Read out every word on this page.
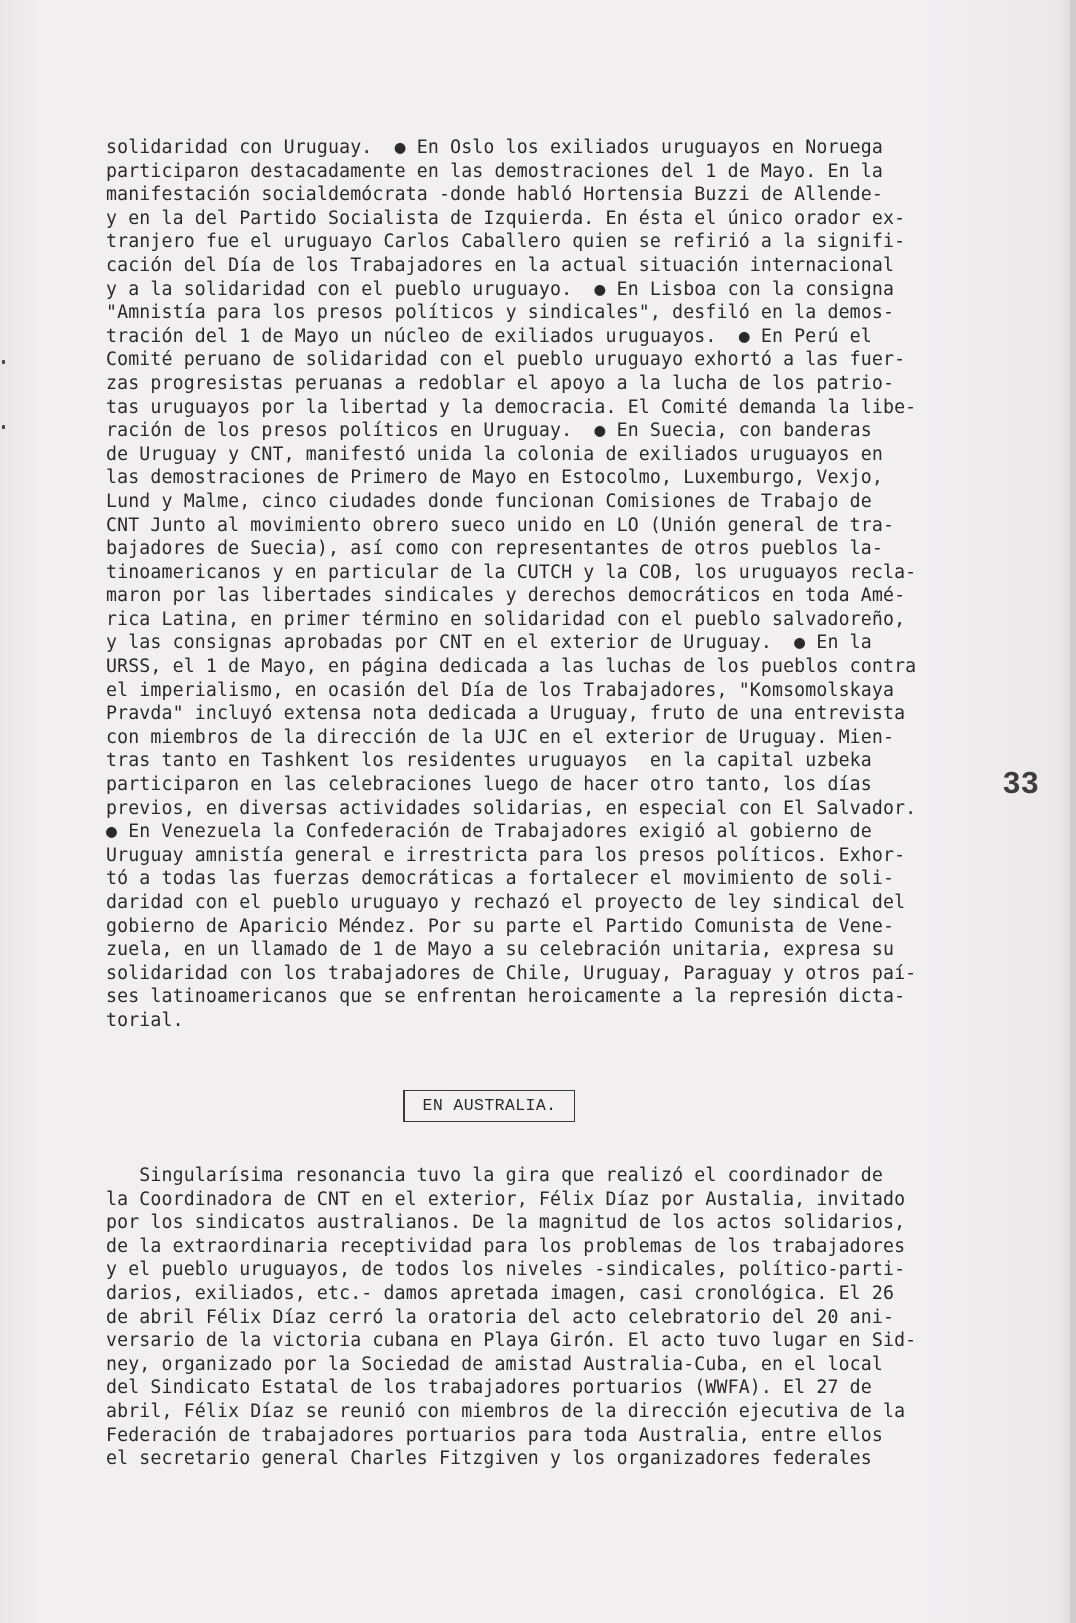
solidaridad con Uruguay.  ● En Oslo los exiliados uruguayos en Noruega
participaron destacadamente en las demostraciones del 1 de Mayo. En la
manifestación socialdemócrata -donde habló Hortensia Buzzi de Allende-
y en la del Partido Socialista de Izquierda. En ésta el único orador ex-
tranjero fue el uruguayo Carlos Caballero quien se refirió a la signifi-
cación del Día de los Trabajadores en la actual situación internacional
y a la solidaridad con el pueblo uruguayo.  ● En Lisboa con la consigna
"Amnistía para los presos políticos y sindicales", desfiló en la demos-
tración del 1 de Mayo un núcleo de exiliados uruguayos.  ● En Perú el
Comité peruano de solidaridad con el pueblo uruguayo exhortó a las fuer-
zas progresistas peruanas a redoblar el apoyo a la lucha de los patrio-
tas uruguayos por la libertad y la democracia. El Comité demanda la libe-
ración de los presos políticos en Uruguay.  ● En Suecia, con banderas
de Uruguay y CNT, manifestó unida la colonia de exiliados uruguayos en
las demostraciones de Primero de Mayo en Estocolmo, Luxemburgo, Vexjo,
Lund y Malme, cinco ciudades donde funcionan Comisiones de Trabajo de
CNT Junto al movimiento obrero sueco unido en LO (Unión general de tra-
bajadores de Suecia), así como con representantes de otros pueblos la-
tinoamericanos y en particular de la CUTCH y la COB, los uruguayos recla-
maron por las libertades sindicales y derechos democráticos en toda Amé-
rica Latina, en primer término en solidaridad con el pueblo salvadoreño,
y las consignas aprobadas por CNT en el exterior de Uruguay.  ● En la
URSS, el 1 de Mayo, en página dedicada a las luchas de los pueblos contra
el imperialismo, en ocasión del Día de los Trabajadores, "Komsomolskaya
Pravda" incluyó extensa nota dedicada a Uruguay, fruto de una entrevista
con miembros de la dirección de la UJC en el exterior de Uruguay. Mien-
tras tanto en Tashkent los residentes uruguayos  en la capital uzbeka
participaron en las celebraciones luego de hacer otro tanto, los días
previos, en diversas actividades solidarias, en especial con El Salvador.
● En Venezuela la Confederación de Trabajadores exigió al gobierno de
Uruguay amnistía general e irrestricta para los presos políticos. Exhor-
tó a todas las fuerzas democráticas a fortalecer el movimiento de soli-
daridad con el pueblo uruguayo y rechazó el proyecto de ley sindical del
gobierno de Aparicio Méndez. Por su parte el Partido Comunista de Vene-
zuela, en un llamado de 1 de Mayo a su celebración unitaria, expresa su
solidaridad con los trabajadores de Chile, Uruguay, Paraguay y otros paí-
ses latinoamericanos que se enfrentan heroicamente a la represión dicta-
torial.
EN AUSTRALIA.
Singularísima resonancia tuvo la gira que realizó el coordinador de
la Coordinadora de CNT en el exterior, Félix Díaz por Austalia, invitado
por los sindicatos australianos. De la magnitud de los actos solidarios,
de la extraordinaria receptividad para los problemas de los trabajadores
y el pueblo uruguayos, de todos los niveles -sindicales, político-parti-
darios, exiliados, etc.- damos apretada imagen, casi cronológica. El 26
de abril Félix Díaz cerró la oratoria del acto celebratorio del 20 ani-
versario de la victoria cubana en Playa Girón. El acto tuvo lugar en Sid-
ney, organizado por la Sociedad de amistad Australia-Cuba, en el local
del Sindicato Estatal de los trabajadores portuarios (WWFA). El 27 de
abril, Félix Díaz se reunió con miembros de la dirección ejecutiva de la
Federación de trabajadores portuarios para toda Australia, entre ellos
el secretario general Charles Fitzgiven y los organizadores federales
33
